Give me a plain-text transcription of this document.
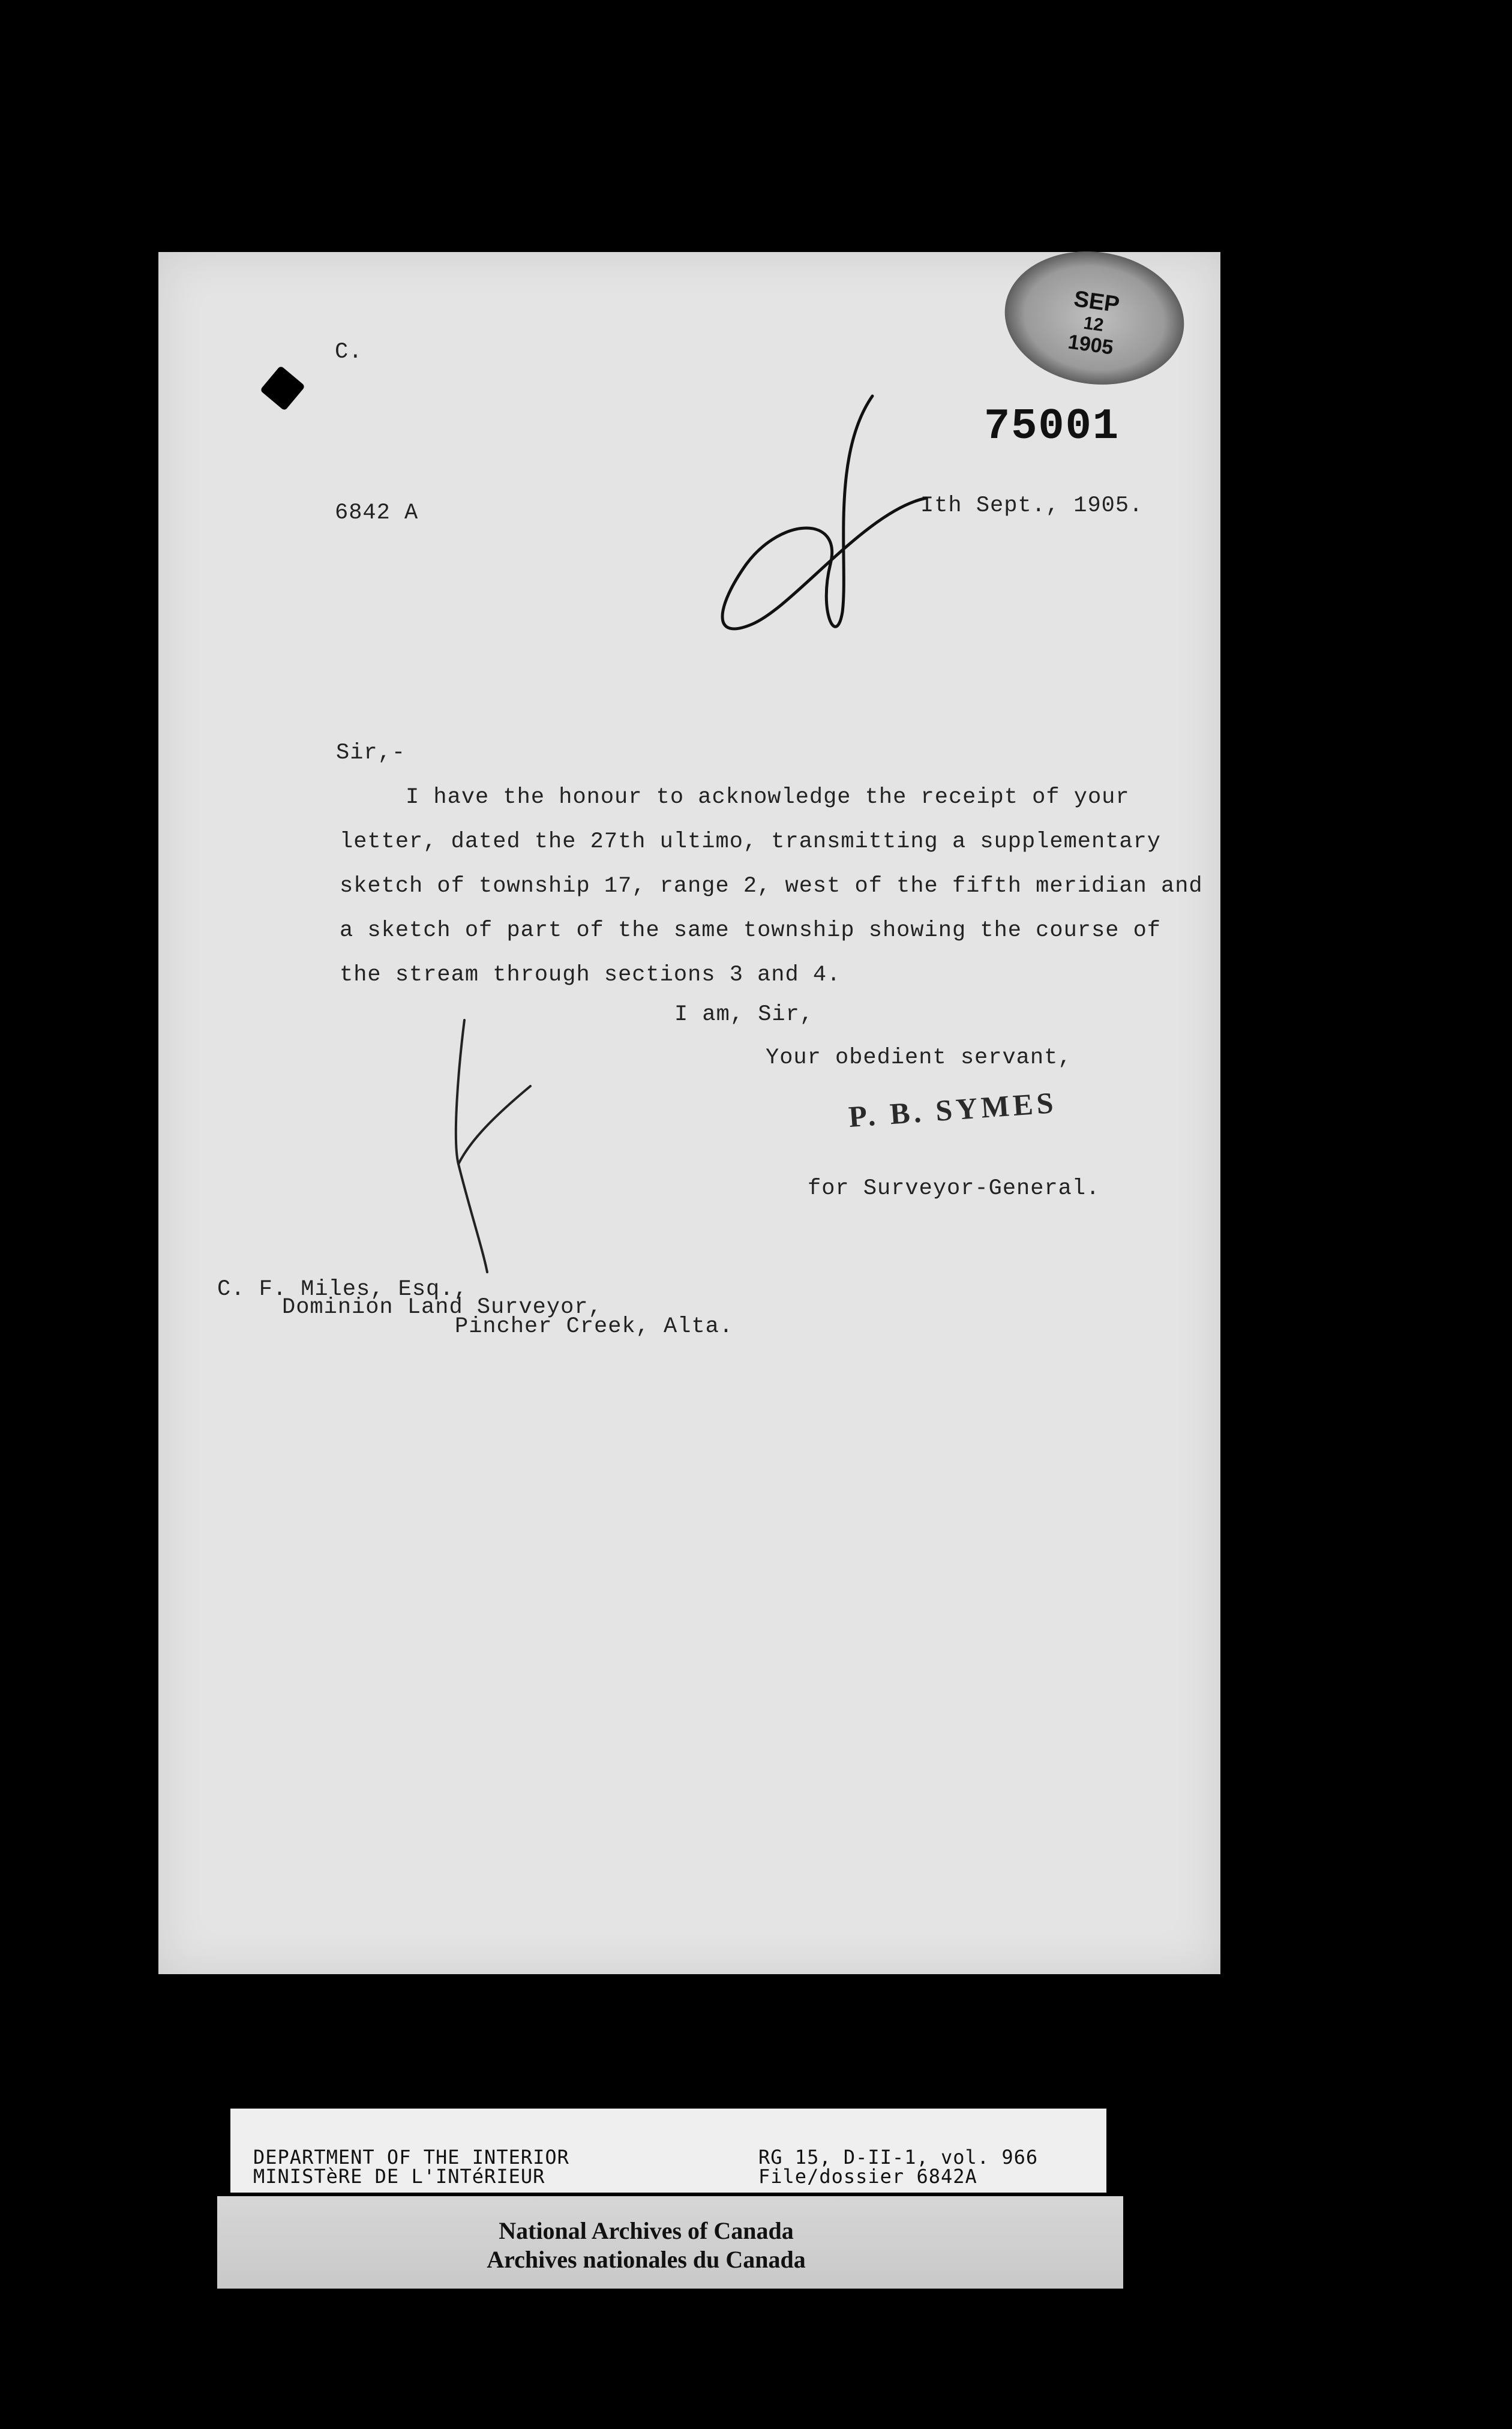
SEP
12
1905
C.
75001
6842 A	Ith Sept., 1905.
Sir,-
I have the honour to acknowledge the receipt of your
letter, dated the 27th ultimo, transmitting a supplementary
sketch of township 17, range 2, west of the fifth meridian and
a sketch of part of the same township showing the course of
the stream through sections 3 and 4.
I am, Sir,
Your obedient servant,
P. B. SYMES
for Surveyor-General.
C. F. Miles, Esq.,
Dominion Land Surveyor,
Pincher Creek, Alta.
DEPARTMENT OF THE INTERIOR
MINISTèRE DE L'INTéRIEUR
RG 15, D-II-1, vol. 966
File/dossier 6842A
National Archives of Canada
Archives nationales du Canada
